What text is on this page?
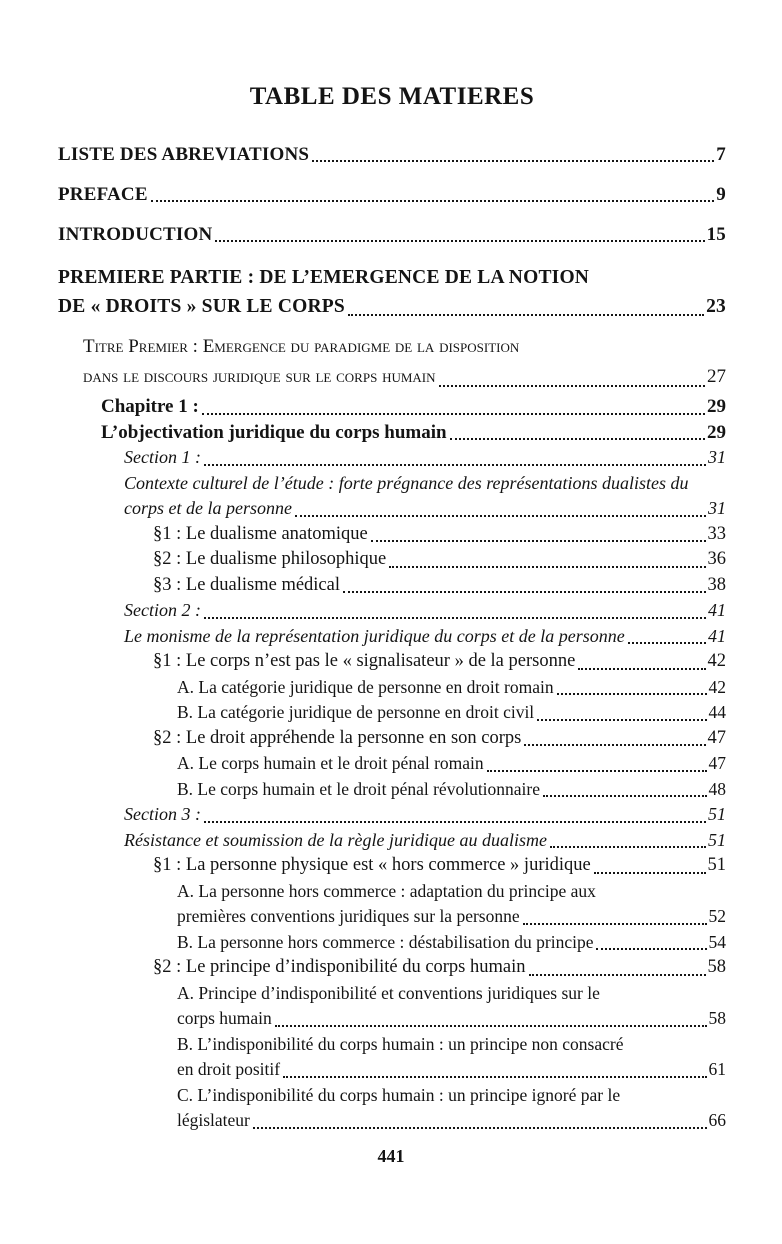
TABLE DES MATIERES
LISTE DES ABREVIATIONS	7
PREFACE	9
INTRODUCTION	15
PREMIERE PARTIE : DE L’EMERGENCE DE LA NOTION
DE « DROITS » SUR LE CORPS	23
Titre Premier : Emergence du paradigme de la disposition
dans le discours juridique sur le corps humain	27
Chapitre 1 :	29
L’objectivation juridique du corps humain	29
Section 1 :	31
Contexte culturel de l’étude : forte prégnance des représentations dualistes du
corps et de la personne	31
§1 : Le dualisme anatomique	33
§2 : Le dualisme philosophique	36
§3 : Le dualisme médical	38
Section 2 :	41
Le monisme de la représentation juridique du corps et de la personne	41
§1 : Le corps n’est pas le « signalisateur » de la personne	42
A. La catégorie juridique de personne en droit romain	42
B. La catégorie juridique de personne en droit civil	44
§2 : Le droit appréhende la personne en son corps	47
A. Le corps humain et le droit pénal romain	47
B. Le corps humain et le droit pénal révolutionnaire	48
Section 3 :	51
Résistance et soumission de la règle juridique au dualisme	51
§1 : La personne physique est « hors commerce » juridique	51
A. La personne hors commerce : adaptation du principe aux
premières conventions juridiques sur la personne	52
B. La personne hors commerce : déstabilisation du principe	54
§2 : Le principe d’indisponibilité du corps humain	58
A. Principe d’indisponibilité et conventions juridiques sur le
corps humain	58
B. L’indisponibilité du corps humain : un principe non consacré
en droit positif	61
C. L’indisponibilité du corps humain : un principe ignoré par le
législateur	66
441
